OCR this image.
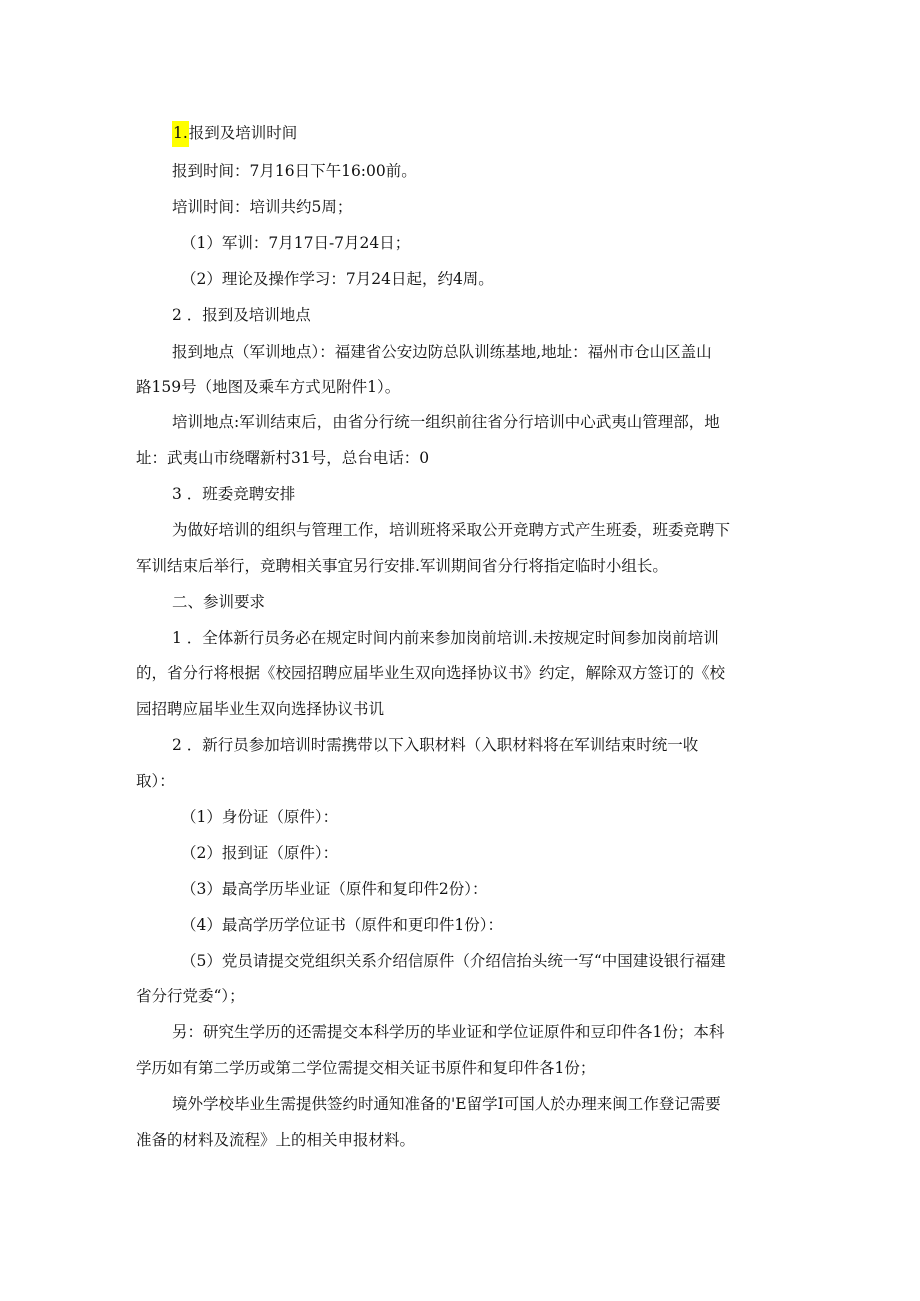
1.报到及培训时间
报到时间：7月16日下午16:00前。
培训时间：培训共约5周；
（1）军训：7月17日-7月24日；
（2）理论及操作学习：7月24日起，约4周。
2 ．报到及培训地点
报到地点（军训地点）：福建省公安边防总队训练基地,地址：福州市仓山区盖山
路159号（地图及乘车方式见附件1）。
培训地点:军训结束后，由省分行统一组织前往省分行培训中心武夷山管理部，地
址：武夷山市绕曙新村31号，总台电话：0
3 ．班委竞聘安排
为做好培训的组织与管理工作，培训班将采取公开竞聘方式产生班委，班委竞聘下
军训结束后举行，竞聘相关事宜另行安排.军训期间省分行将指定临时小组长。
二、参训要求
1 ．全体新行员务必在规定时间内前来参加岗前培训.未按规定时间参加岗前培训
的，省分行将根据《校园招聘应届毕业生双向选择协议书》约定，解除双方签订的《校
园招聘应届毕业生双向选择协议书讥
2 ．新行员参加培训时需携带以下入职材料（入职材料将在军训结束时统一收
取）：
（1）身份证（原件）：
（2）报到证（原件）：
（3）最高学历毕业证（原件和复印件2份）：
（4）最高学历学位证书（原件和更印件1份）：
（5）党员请提交党组织关系介绍信原件（介绍信抬头统一写“中国建设银行福建
省分行党委“）；
另：研究生学历的还需提交本科学历的毕业证和学位证原件和豆印件各1份；本科
学历如有第二学历或第二学位需提交相关证书原件和复印件各1份；
境外学校毕业生需提供签约时通知准备的'E留学I可国人於办理来闽工作登记需要
准备的材料及流程》上的相关申报材料。
